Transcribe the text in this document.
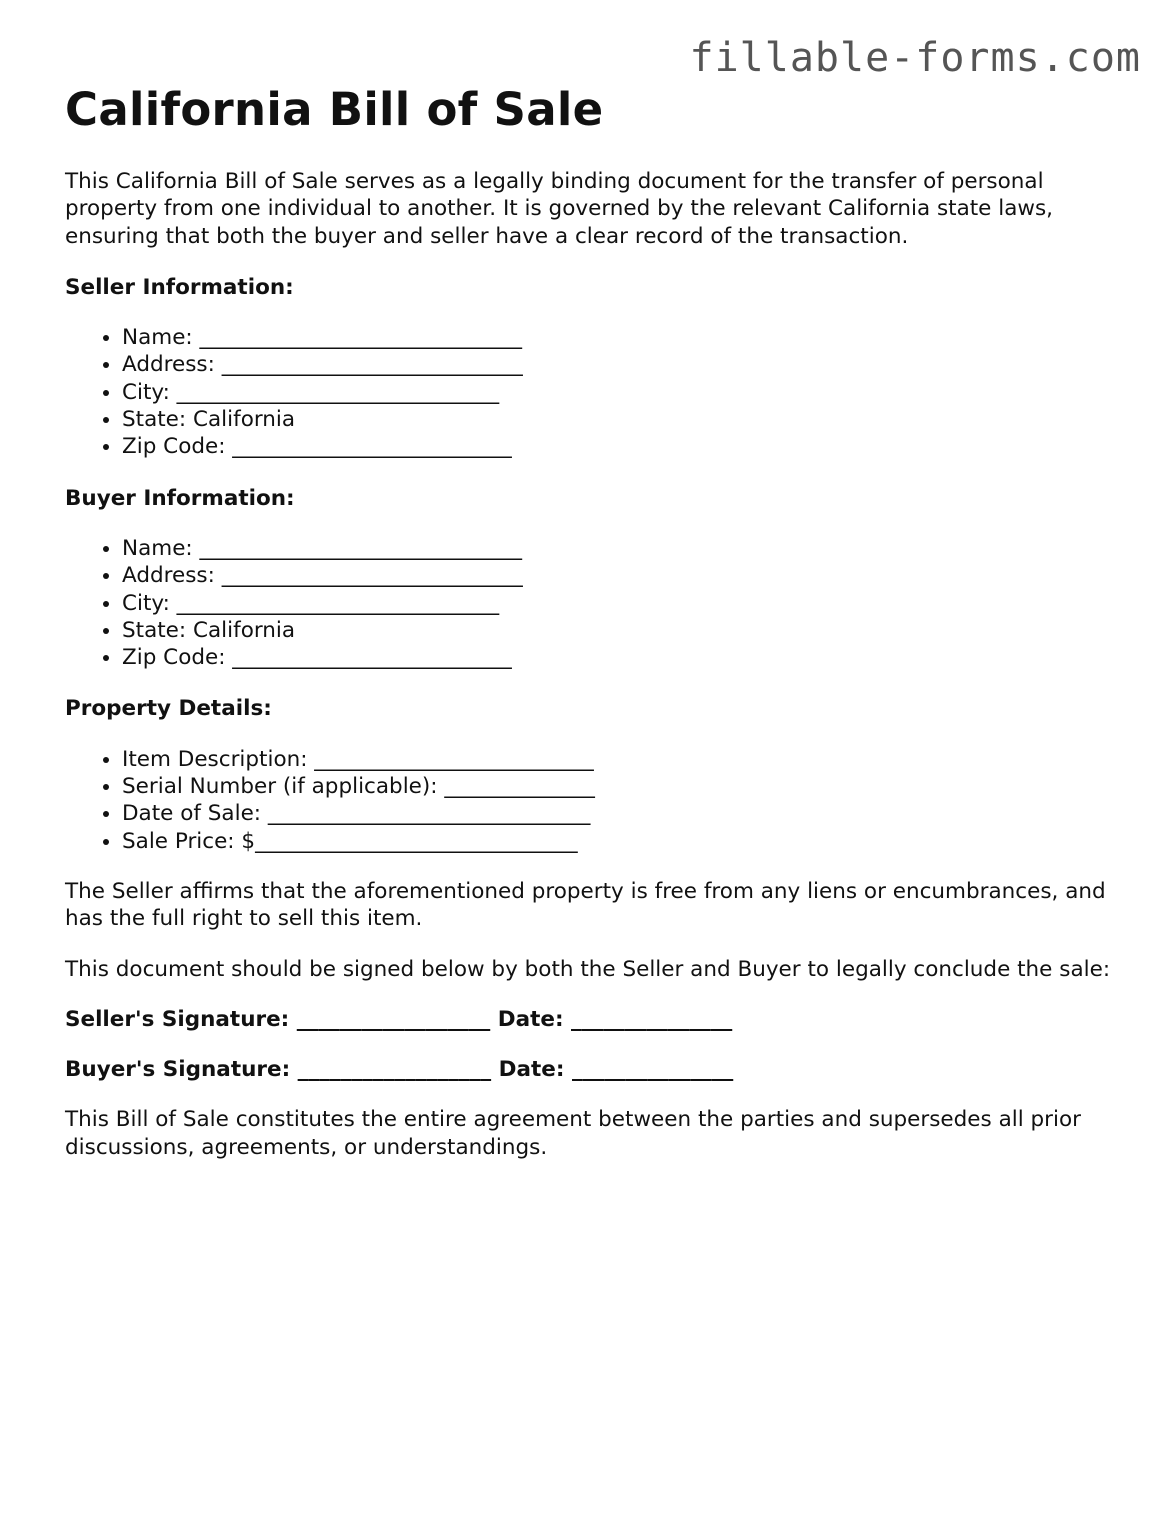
fillable-forms.com
California Bill of Sale

This California Bill of Sale serves as a legally binding document for the transfer of personal property from one individual to another. It is governed by the relevant California state laws, ensuring that both the buyer and seller have a clear record of the transaction.

Seller Information:

• Name: ______________________________
• Address: ____________________________
• City: ______________________________
• State: California
• Zip Code: __________________________

Buyer Information:

• Name: ______________________________
• Address: ____________________________
• City: ______________________________
• State: California
• Zip Code: __________________________

Property Details:

• Item Description: __________________________
• Serial Number (if applicable): ______________
• Date of Sale: ______________________________
• Sale Price: $______________________________

The Seller affirms that the aforementioned property is free from any liens or encumbrances, and has the full right to sell this item.

This document should be signed below by both the Seller and Buyer to legally conclude the sale:

Seller's Signature: __________________ Date: _______________

Buyer's Signature: __________________ Date: _______________

This Bill of Sale constitutes the entire agreement between the parties and supersedes all prior discussions, agreements, or understandings.
